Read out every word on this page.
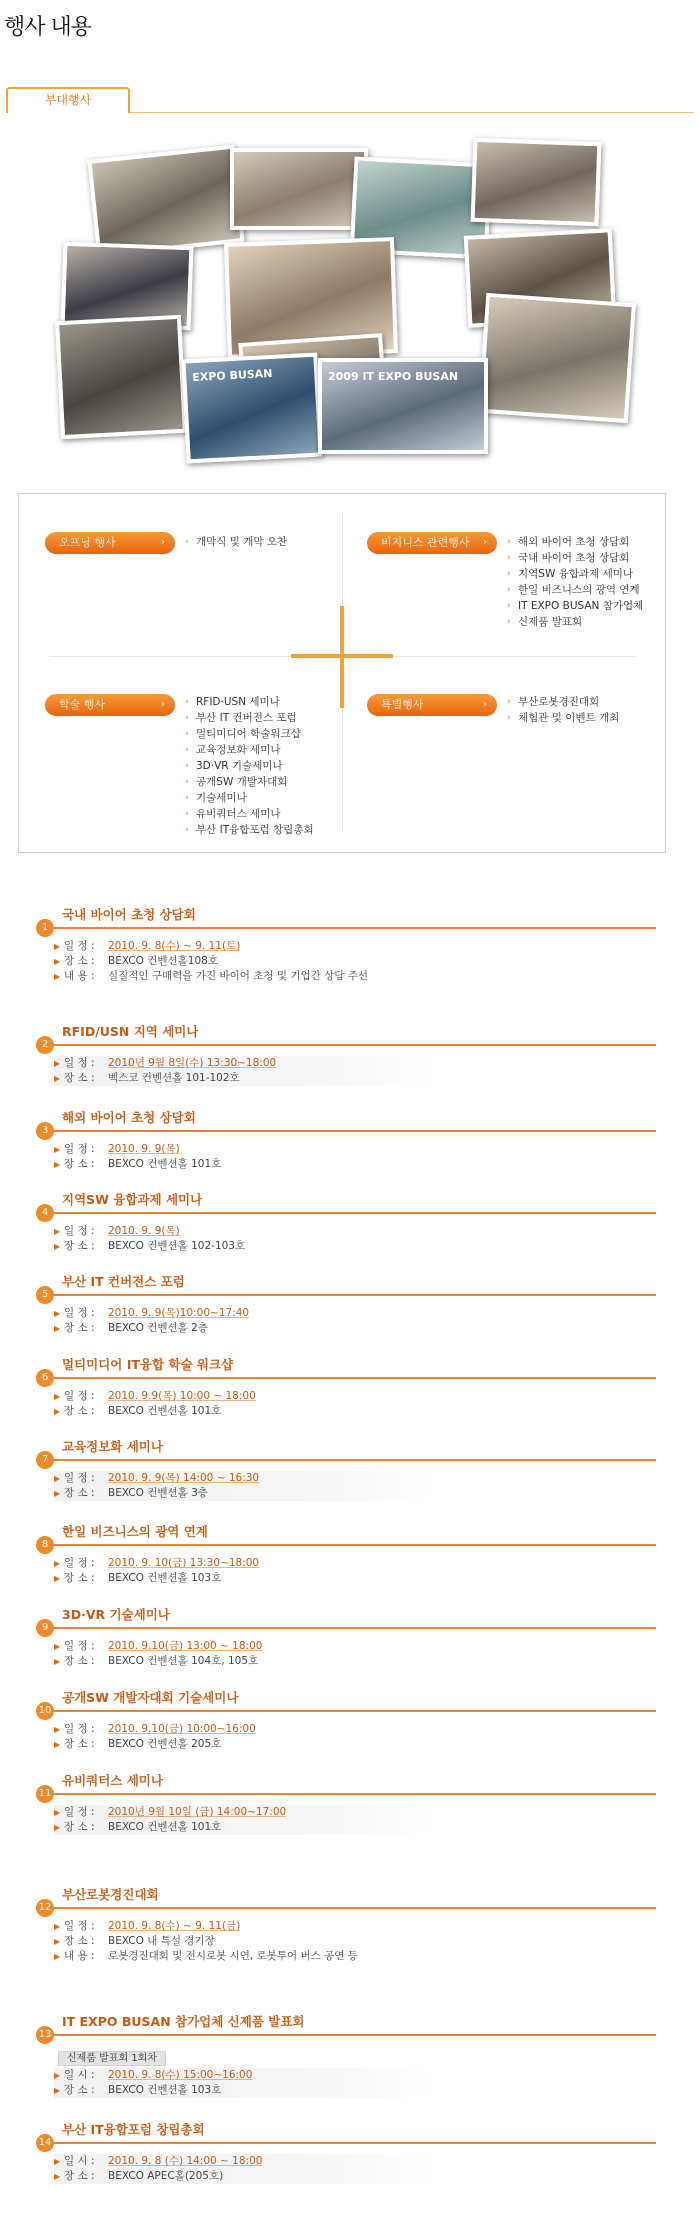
행사 내용
부대행사
EXPO BUSAN	2009 IT EXPO BUSAN
오프닝 행사	› › 개막식 및 개막 오찬	비지니스 관련행사 › › 해외 바이어 초청 상담회
› 국내 바이어 초청 상담회
› 지역SW 융합과제 세미나
› 한일 비즈니스의 광역 연계
› IT EXPO BUSAN 참가업체
› 신제품 발표회
학술 행사	› › RFID·USN 세미나
› 부산 IT 컨버전스 포럼
› 멀티미디어 학술워크샵
› 교육정보화 세미나
› 3D·VR 기술세미나
› 공개SW 개발자대회
› 기술세미나
› 유비쿼터스 세미나
› 부산 IT융합포럼 창립총회
특별행사	› › 부산로봇경진대회
› 체험관 및 이벤트 개최
1
국내 바이어 초청 상담회
▶ 일 정 : 2010. 9. 8(수) ~ 9. 11(토)
▶ 장 소 : BEXCO 컨벤션홀108호
▶ 내 용 : 실질적인 구매력을 가진 바이어 초청 및 기업간 상담 주선
2
RFID/USN 지역 세미나
▶ 일 정 : 2010년 9월 8일(수) 13:30~18:00
▶ 장 소 : 벡스코 컨벤션홀 101-102호
3
해외 바이어 초청 상담회
▶ 일 정 : 2010. 9. 9(목)
▶ 장 소 : BEXCO 컨벤션홀 101호
4
지역SW 융합과제 세미나
▶ 일 정 : 2010. 9. 9(목)
▶ 장 소 : BEXCO 컨벤션홀 102-103호
5
부산 IT 컨버전스 포럼
▶ 일 정 : 2010. 9. 9(목)10:00~17:40
▶ 장 소 : BEXCO 컨벤션홀 2층
6
멀티미디어 IT융합 학술 워크샵
▶ 일 정 : 2010. 9.9(목) 10:00 ~ 18:00
▶ 장 소 : BEXCO 컨벤션홀 101호
7
교육정보화 세미나
▶ 일 정 : 2010. 9. 9(목) 14:00 ~ 16:30
▶ 장 소 : BEXCO 컨벤션홀 3층
8
한일 비즈니스의 광역 연계
▶ 일 정 : 2010. 9. 10(금) 13:30~18:00
▶ 장 소 : BEXCO 컨벤션홀 103호
9
3D·VR 기술세미나
▶ 일 정 : 2010. 9.10(금) 13:00 ~ 18:00
▶ 장 소 : BEXCO 컨벤션홀 104호, 105호
10
공개SW 개발자대회 기술세미나
▶ 일 정 : 2010. 9.10(금) 10:00~16:00
▶ 장 소 : BEXCO 컨벤션홀 205호
11
유비쿼터스 세미나
▶ 일 정 : 2010년 9월 10일 (금) 14:00~17:00
▶ 장 소 : BEXCO 컨벤션홀 101호
12
부산로봇경진대회
▶ 일 정 : 2010. 9. 8(수) ~ 9. 11(금)
▶ 장 소 : BEXCO 내 특설 경기장
▶ 내 용 : 로봇경진대회 및 전시로봇 시연, 로봇투어 버스 공연 등
13
IT EXPO BUSAN 참가업체 신제품 발표회
신제품 발표회 1회차
▶ 일 시 : 2010. 9. 8(수) 15:00~16:00
▶ 장 소 : BEXCO 컨벤션홀 103호
14
부산 IT융합포럼 창립총회
▶ 일 시 : 2010. 9. 8 (수) 14:00 ~ 18:00
▶ 장 소 : BEXCO APEC홀(205호)
